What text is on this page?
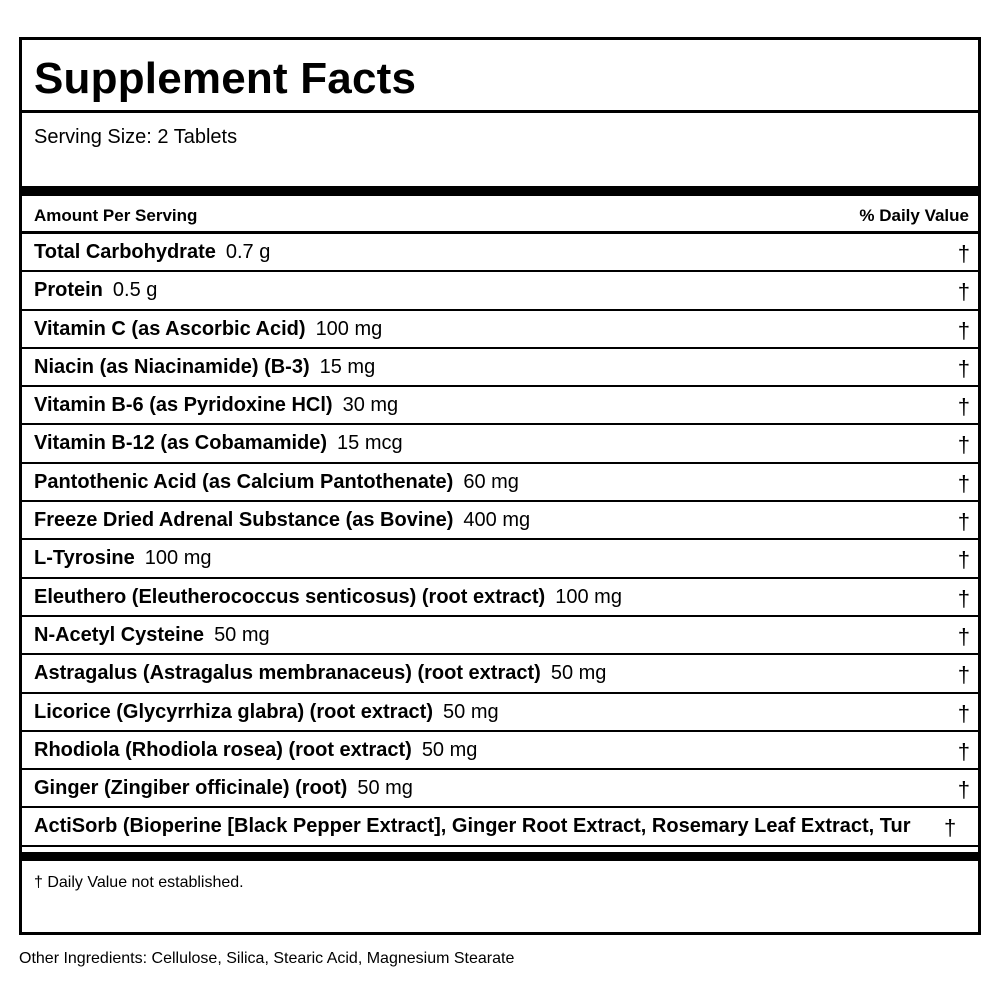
Supplement Facts
Serving Size: 2 Tablets
Amount Per Serving	% Daily Value
Total Carbohydrate 0.7 g	†
Protein 0.5 g	†
Vitamin C (as Ascorbic Acid) 100 mg	†
Niacin (as Niacinamide) (B-3) 15 mg	†
Vitamin B-6 (as Pyridoxine HCl) 30 mg	†
Vitamin B-12 (as Cobamamide) 15 mcg	†
Pantothenic Acid (as Calcium Pantothenate) 60 mg	†
Freeze Dried Adrenal Substance (as Bovine) 400 mg	†
L-Tyrosine 100 mg	†
Eleuthero (Eleutherococcus senticosus) (root extract) 100 mg	†
N-Acetyl Cysteine 50 mg	†
Astragalus (Astragalus membranaceus) (root extract) 50 mg	†
Licorice (Glycyrrhiza glabra) (root extract) 50 mg	†
Rhodiola (Rhodiola rosea) (root extract) 50 mg	†
Ginger (Zingiber officinale) (root) 50 mg	†
ActiSorb (Bioperine [Black Pepper Extract], Ginger Root Extract, Rosemary Leaf Extract, Tur	†
† Daily Value not established.
Other Ingredients: Cellulose, Silica, Stearic Acid, Magnesium Stearate
